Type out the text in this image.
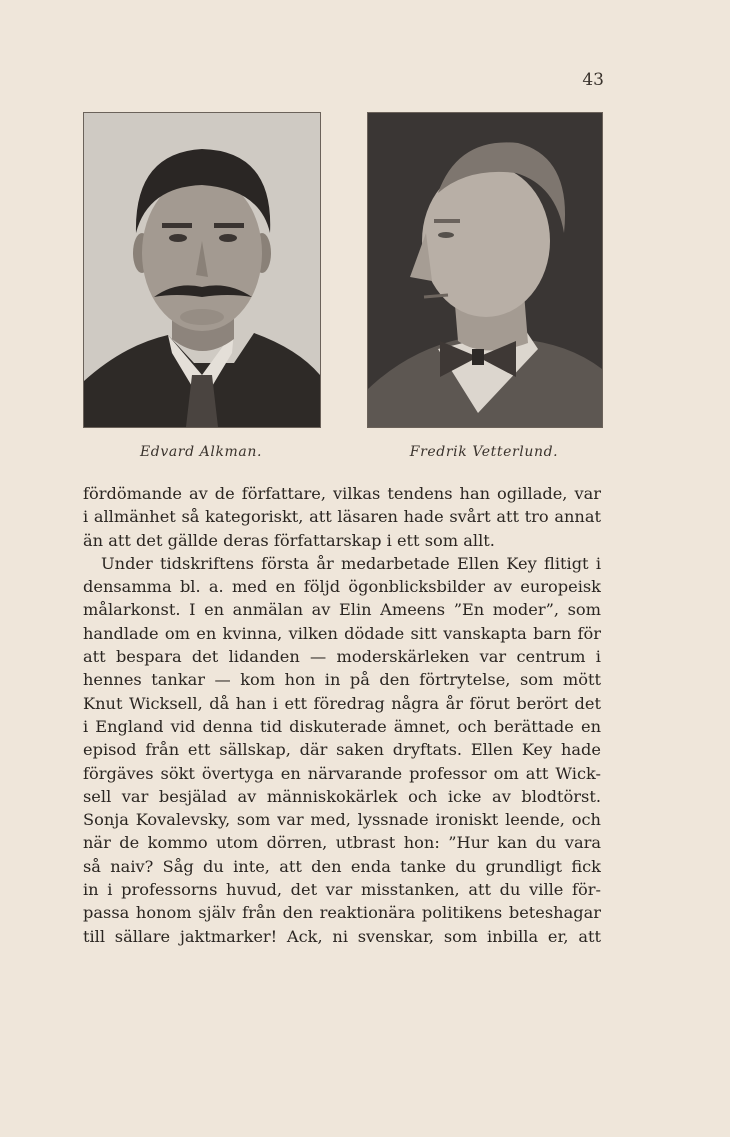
43
Edvard Alkman.	Fredrik Vetterlund.
fördömande av de författare, vilkas tendens han ogillade, var
i allmänhet så kategoriskt, att läsaren hade svårt att tro annat
än att det gällde deras författarskap i ett som allt.
Under tidskriftens första år medarbetade Ellen Key flitigt i
densamma bl. a. med en följd ögonblicksbilder av europeisk
målarkonst. I en anmälan av Elin Ameens ”En moder”, som
handlade om en kvinna, vilken dödade sitt vanskapta barn för
att bespara det lidanden — moderskärleken var centrum i
hennes tankar — kom hon in på den förtrytelse, som mött
Knut Wicksell, då han i ett föredrag några år förut berört det
i England vid denna tid diskuterade ämnet, och berättade en
episod från ett sällskap, där saken dryftats. Ellen Key hade
förgäves sökt övertyga en närvarande professor om att Wick-
sell var besjälad av människokärlek och icke av blodtörst.
Sonja Kovalevsky, som var med, lyssnade ironiskt leende, och
när de kommo utom dörren, utbrast hon: ”Hur kan du vara
så naiv? Såg du inte, att den enda tanke du grundligt fick
in i professorns huvud, det var misstanken, att du ville för-
passa honom själv från den reaktionära politikens beteshagar
till sällare jaktmarker! Ack, ni svenskar, som inbilla er, att
